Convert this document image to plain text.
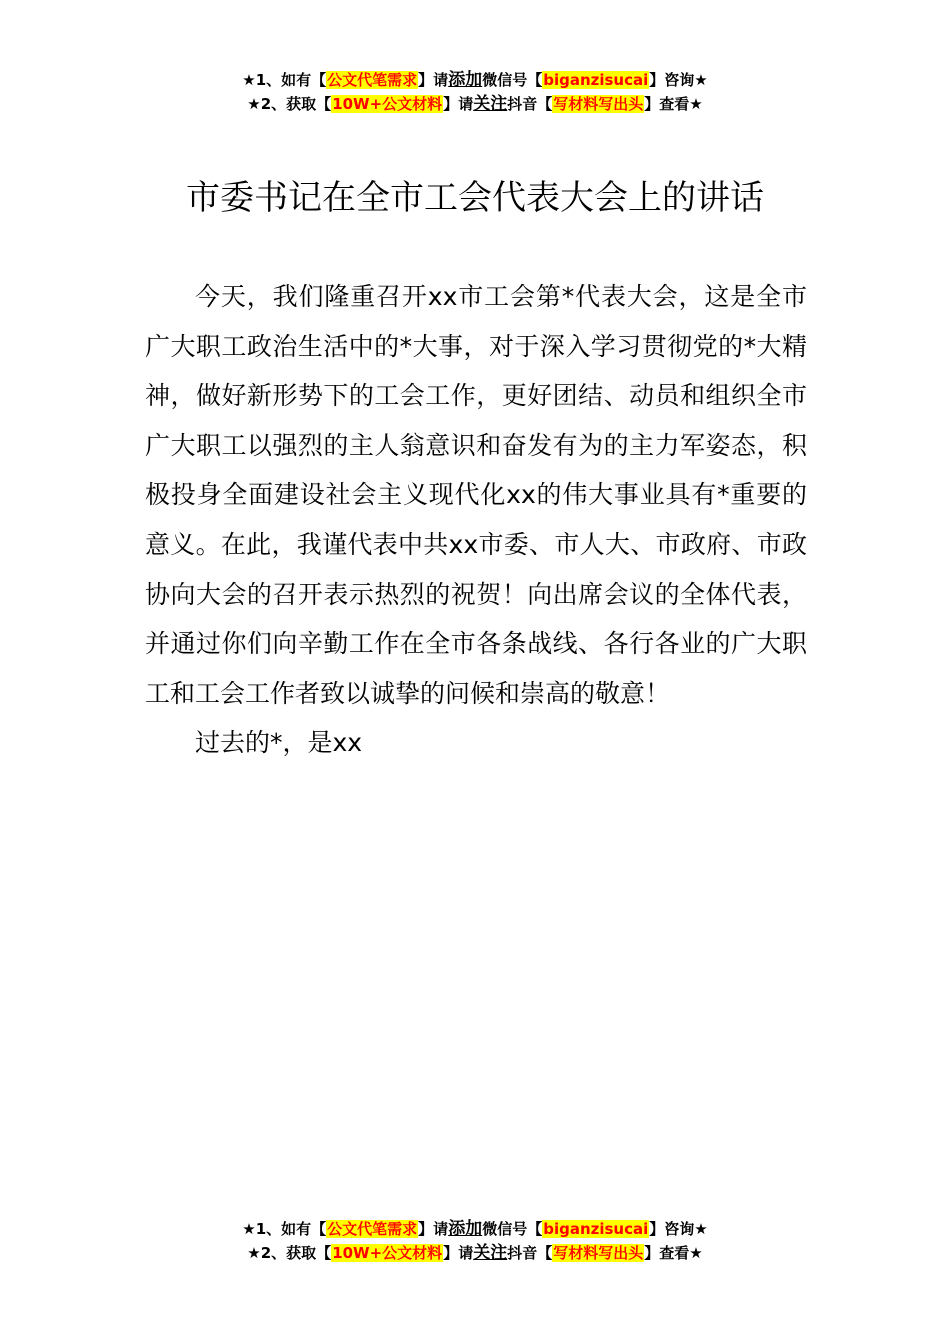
★1、如有【公文代笔需求】请添加微信号【biganzisucai】咨询★
★2、获取【10W+公文材料】请关注抖音【写材料写出头】查看★
市委书记在全市工会代表大会上的讲话

今天，我们隆重召开xx市工会第*代表大会，这是全市广大职工政治生活中的*大事，对于深入学习贯彻党的*大精神，做好新形势下的工会工作，更好团结、动员和组织全市广大职工以强烈的主人翁意识和奋发有为的主力军姿态，积极投身全面建设社会主义现代化xx的伟大事业具有*重要的意义。在此，我谨代表中共xx市委、市人大、市政府、市政协向大会的召开表示热烈的祝贺！向出席会议的全体代表，并通过你们向辛勤工作在全市各条战线、各行各业的广大职工和工会工作者致以诚挚的问候和崇高的敬意！

过去的*，是xx

★1、如有【公文代笔需求】请添加微信号【biganzisucai】咨询★
★2、获取【10W+公文材料】请关注抖音【写材料写出头】查看★
